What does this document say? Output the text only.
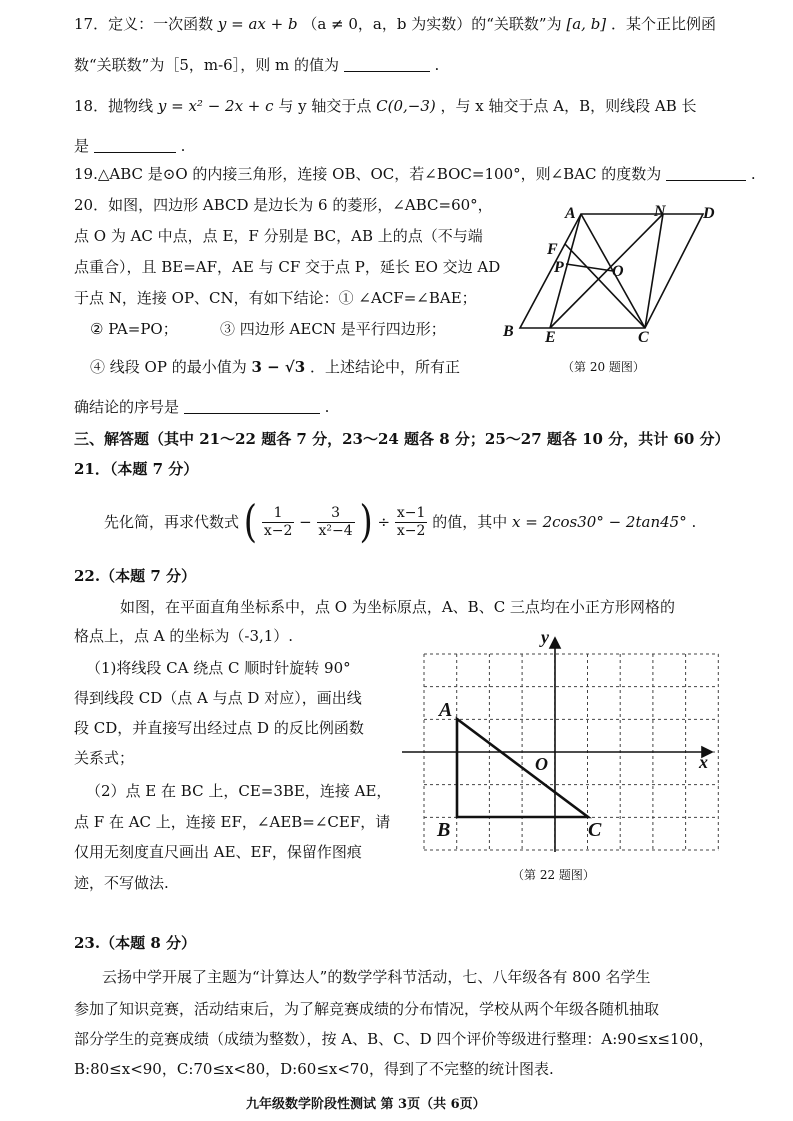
17．定义：一次函数 y = ax + b （a ≠ 0，a，b 为实数）的“关联数”为 [a, b] ．某个正比例函
数“关联数”为［5，m-6］，则 m 的值为	.
18．抛物线 y = x² − 2x + c 与 y 轴交于点 C(0,−3) ，与 x 轴交于点 A，B，则线段 AB 长
是	.
19.△ABC 是⊙O 的内接三角形，连接 OB、OC，若∠BOC=100°，则∠BAC 的度数为	.
20．如图，四边形 ABCD 是边长为 6 的菱形，∠ABC=60°，
点 O 为 AC 中点，点 E，F 分别是 BC，AB 上的点（不与端
点重合），且 BE=AF，AE 与 CF 交于点 P，延长 EO 交边 AD
于点 N，连接 OP、CN，有如下结论：① ∠ACF=∠BAE；
② PA=PO；	③ 四边形 AECN 是平行四边形；
④ 线段 OP 的最小值为 3 − √3 ．上述结论中，所有正
确结论的序号是	.
A	N D
F
P	O
B E	C
（第 20 题图）
三、解答题（其中 21～22 题各 7 分，23～24 题各 8 分；25～27 题各 10 分，共计 60 分）
21．（本题 7 分）
先化简，再求代数式 ( $\frac{1}{x-2} - \frac{3}{\text{x²−4}}$ ) ÷ $\frac{x-1}{x-2}$ 的值，其中 x = 2cos30° − 2tan45° .
22.（本题 7 分）
如图，在平面直角坐标系中，点 O 为坐标原点，A、B、C 三点均在小正方形网格的
格点上，点 A 的坐标为（-3,1）.
（1)将线段 CA 绕点 C 顺时针旋转 90°
得到线段 CD（点 A 与点 D 对应），画出线
段 CD，并直接写出经过点 D 的反比例函数
关系式；
（2）点 E 在 BC 上，CE=3BE，连接 AE，
点 F 在 AC 上，连接 EF，∠AEB=∠CEF，请
仅用无刻度直尺画出 AE、EF，保留作图痕
迹，不写做法.
y
x
O
A
B	C
（第 22 题图）
23.（本题 8 分）
云扬中学开展了主题为“计算达人”的数学学科节活动，七、八年级各有 800 名学生
参加了知识竞赛，活动结束后，为了解竞赛成绩的分布情况，学校从两个年级各随机抽取
部分学生的竞赛成绩（成绩为整数），按 A、B、C、D 四个评价等级进行整理：A:90≤x≤100，
B:80≤x<90，C:70≤x<80，D:60≤x<70，得到了不完整的统计图表.
九年级数学阶段性测试 第 3页（共 6页）
